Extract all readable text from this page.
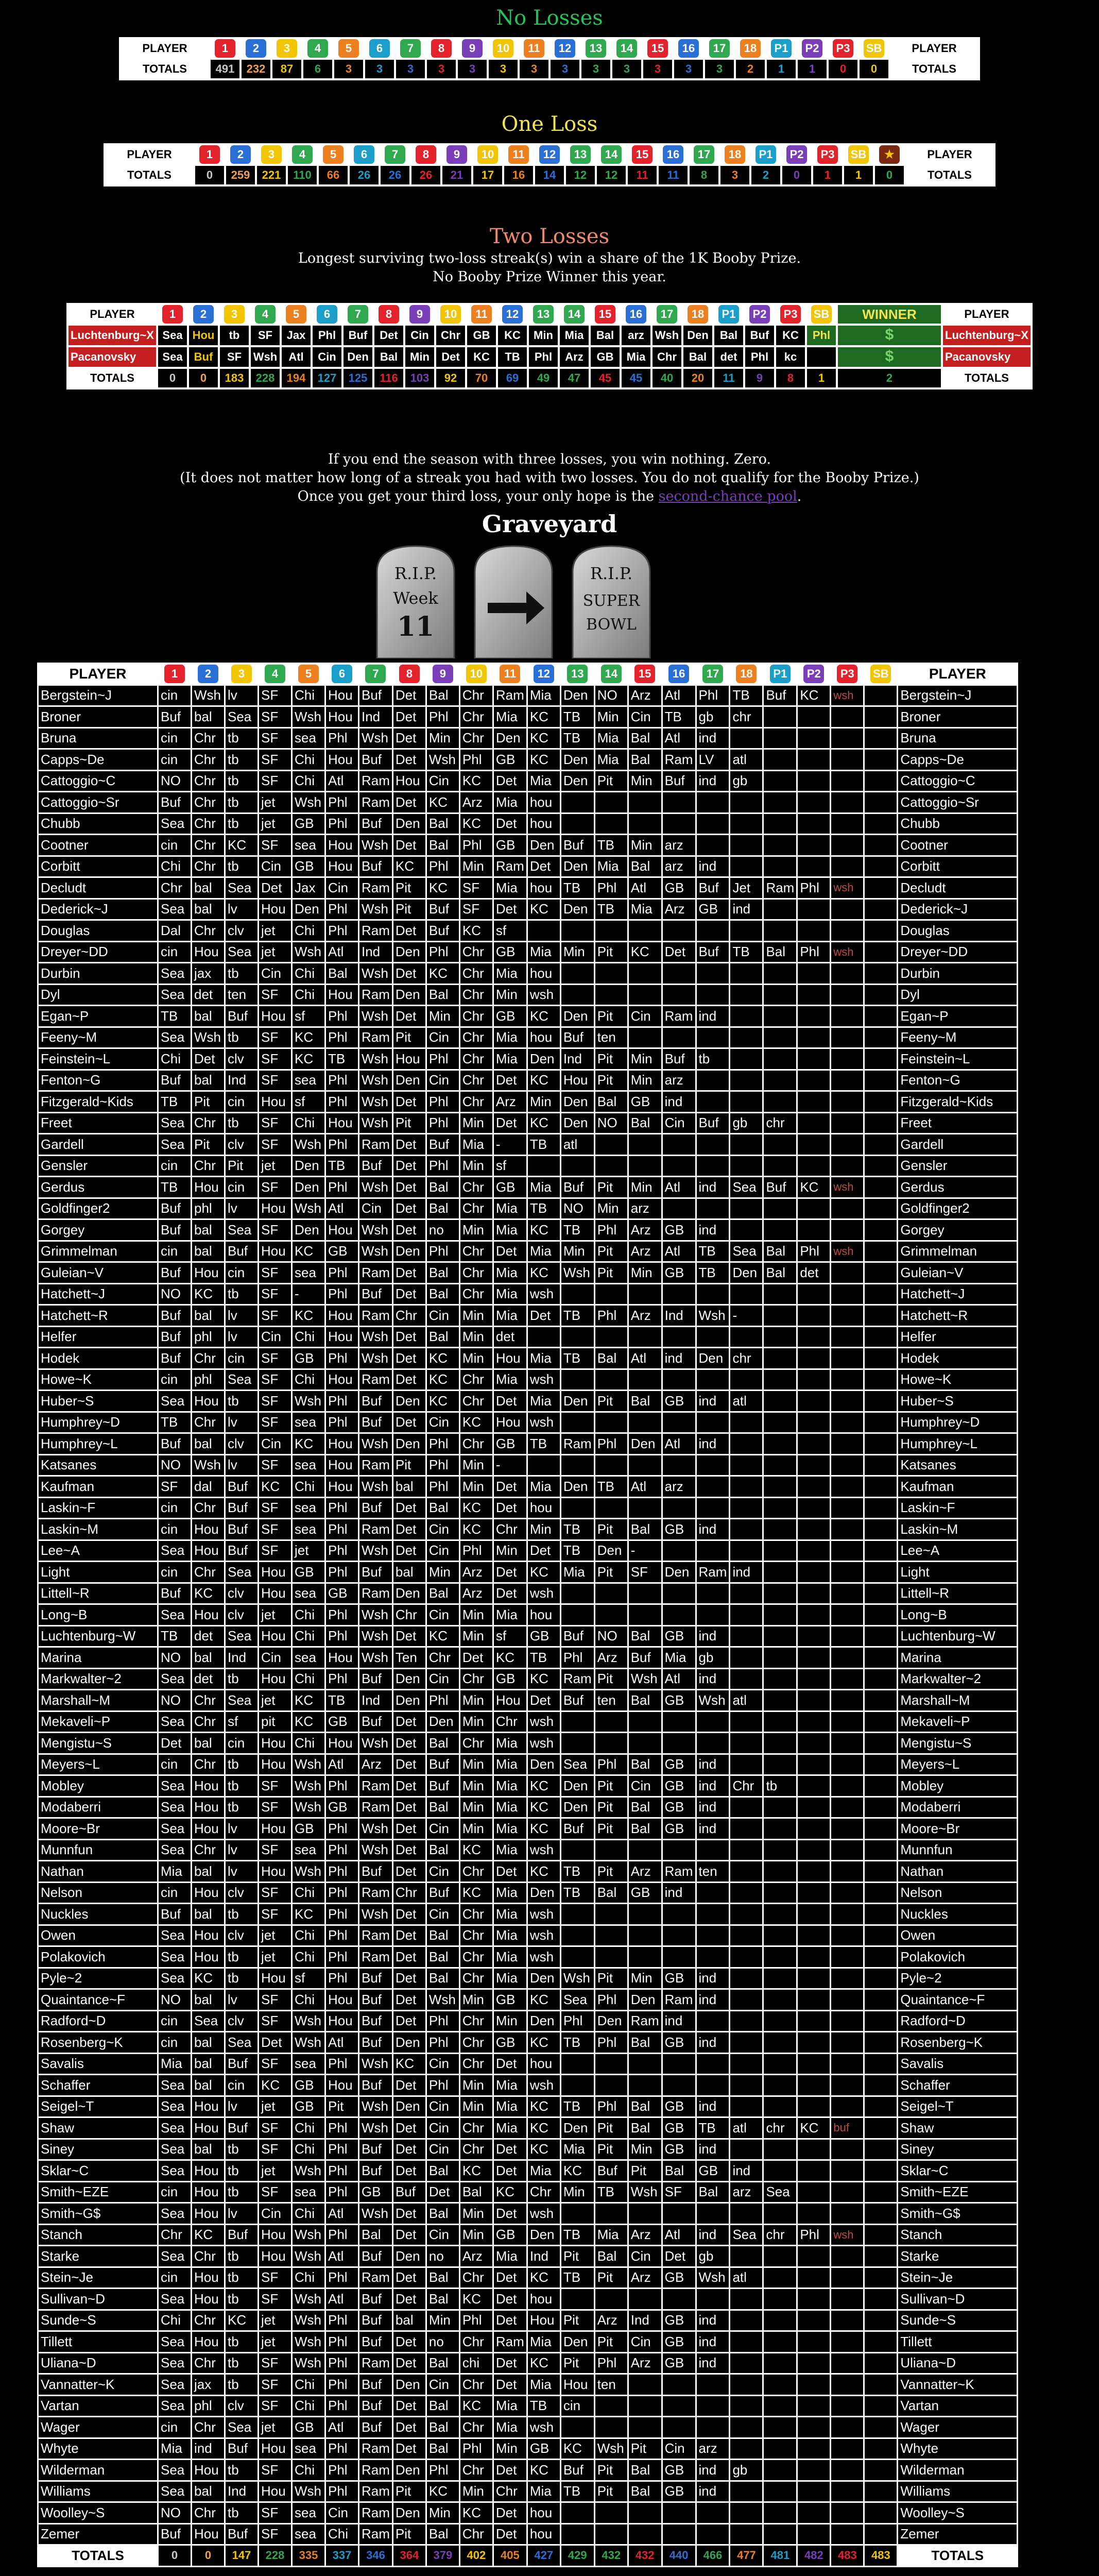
No Losses
PLAYER	1	2	3	4	5	6	7	8	9	10	11	12	13	14	15	16	17	18	P1	P2	P3	SB	PLAYER
TOTALS	491	232	87	6	3	3	3	3	3	3	3	3	3	3	3	3	3	2	1	1	0	0	TOTALS
One Loss
PLAYER	1	2	3	4	5	6	7	8	9	10	11	12	13	14	15	16	17	18	P1	P2	P3	SB	★	PLAYER
TOTALS	0	259	221	110	66	26	26	26	21	17	16	14	12	12	11	11	8	3	2	0	1	1	0	TOTALS
Two Losses
Longest surviving two-loss streak(s) win a share of the 1K Booby Prize.
No Booby Prize Winner this year.
PLAYER	1	2	3	4	5	6	7	8	9	10	11	12	13	14	15	16	17	18	P1	P2	P3	SB	WINNER	PLAYER
Luchtenburg~X	Sea	Hou	tb	SF	Jax	Phl	Buf	Det	Cin	Chr	GB	KC	Min	Mia	Bal	arz	Wsh	Den	Bal	Buf	KC	Phl	$	Luchtenburg~X
Pacanovsky	Sea	Buf	SF	Wsh	Atl	Cin	Den	Bal	Min	Det	KC	TB	Phl	Arz	GB	Mia	Chr	Bal	det	Phl	kc		$	Pacanovsky
TOTALS	0	0	183	228	194	127	125	116	103	92	70	69	49	47	45	45	40	20	11	9	8	1	2	TOTALS
If you end the season with three losses, you win nothing. Zero.
(It does not matter how long of a streak you had with two losses. You do not qualify for the Booby Prize.)
Once you get your third loss, your only hope is the second-chance pool.
Graveyard
R.I.P.
Week
11
R.I.P.
SUPER
BOWL
PLAYER	1	2	3	4	5	6	7	8	9	10	11	12	13	14	15	16	17	18	P1	P2	P3	SB	PLAYER
Bergstein~J	cin	Wsh	lv	SF	Chi	Hou	Buf	Det	Bal	Chr	Ram	Mia	Den	NO	Arz	Atl	Phl	TB	Buf	KC	wsh		Bergstein~J
Broner	Buf	bal	Sea	SF	Wsh	Hou	Ind	Det	Phl	Chr	Mia	KC	TB	Min	Cin	TB	gb	chr					Broner
Bruna	cin	Chr	tb	SF	sea	Phl	Wsh	Det	Min	Chr	Den	KC	TB	Mia	Bal	Atl	ind						Bruna
Capps~De	cin	Chr	tb	SF	Chi	Hou	Buf	Det	Wsh	Phl	GB	KC	Den	Mia	Bal	Ram	LV	atl					Capps~De
Cattoggio~C	NO	Chr	tb	SF	Chi	Atl	Ram	Hou	Cin	KC	Det	Mia	Den	Pit	Min	Buf	ind	gb					Cattoggio~C
Cattoggio~Sr	Buf	Chr	tb	jet	Wsh	Phl	Ram	Det	KC	Arz	Mia	hou											Cattoggio~Sr
Chubb	Sea	Chr	tb	jet	GB	Phl	Buf	Den	Bal	KC	Det	hou											Chubb
Cootner	cin	Chr	KC	SF	sea	Hou	Wsh	Det	Bal	Phl	GB	Den	Buf	TB	Min	arz							Cootner
Corbitt	Chi	Chr	tb	Cin	GB	Hou	Buf	KC	Phl	Min	Ram	Det	Den	Mia	Bal	arz	ind						Corbitt
Decludt	Chr	bal	Sea	Det	Jax	Cin	Ram	Pit	KC	SF	Mia	hou	TB	Phl	Atl	GB	Buf	Jet	Ram	Phl	wsh		Decludt
Dederick~J	Sea	bal	lv	Hou	Den	Phl	Wsh	Pit	Buf	SF	Det	KC	Den	TB	Mia	Arz	GB	ind					Dederick~J
Douglas	Dal	Chr	clv	jet	Chi	Phl	Ram	Det	Buf	KC	sf												Douglas
Dreyer~DD	cin	Hou	Sea	jet	Wsh	Atl	Ind	Den	Phl	Chr	GB	Mia	Min	Pit	KC	Det	Buf	TB	Bal	Phl	wsh		Dreyer~DD
Durbin	Sea	jax	tb	Cin	Chi	Bal	Wsh	Det	KC	Chr	Mia	hou											Durbin
Dyl	Sea	det	ten	SF	Chi	Hou	Ram	Den	Bal	Chr	Min	wsh											Dyl
Egan~P	TB	bal	Buf	Hou	sf	Phl	Wsh	Det	Min	Chr	GB	KC	Den	Pit	Cin	Ram	ind						Egan~P
Feeny~M	Sea	Wsh	tb	SF	KC	Phl	Ram	Pit	Cin	Chr	Mia	hou	Buf	ten									Feeny~M
Feinstein~L	Chi	Det	clv	SF	KC	TB	Wsh	Hou	Phl	Chr	Mia	Den	Ind	Pit	Min	Buf	tb						Feinstein~L
Fenton~G	Buf	bal	Ind	SF	sea	Phl	Wsh	Den	Cin	Chr	Det	KC	Hou	Pit	Min	arz							Fenton~G
Fitzgerald~Kids	TB	Pit	cin	Hou	sf	Phl	Wsh	Det	Phl	Chr	Arz	Min	Den	Bal	GB	ind							Fitzgerald~Kids
Freet	Sea	Chr	tb	SF	Chi	Hou	Wsh	Pit	Phl	Min	Det	KC	Den	NO	Bal	Cin	Buf	gb	chr				Freet
Gardell	Sea	Pit	clv	SF	Wsh	Phl	Ram	Det	Buf	Mia	-	TB	atl										Gardell
Gensler	cin	Chr	Pit	jet	Den	TB	Buf	Det	Phl	Min	sf												Gensler
Gerdus	TB	Hou	cin	SF	Den	Phl	Wsh	Det	Bal	Chr	GB	Mia	Buf	Pit	Min	Atl	ind	Sea	Buf	KC	wsh		Gerdus
Goldfinger2	Buf	phl	lv	Hou	Wsh	Atl	Cin	Det	Bal	Chr	Mia	TB	NO	Min	arz								Goldfinger2
Gorgey	Buf	bal	Sea	SF	Den	Hou	Wsh	Det	no	Min	Mia	KC	TB	Phl	Arz	GB	ind						Gorgey
Grimmelman	cin	bal	Buf	Hou	KC	GB	Wsh	Den	Phl	Chr	Det	Mia	Min	Pit	Arz	Atl	TB	Sea	Bal	Phl	wsh		Grimmelman
Guleian~V	Buf	Hou	cin	SF	sea	Phl	Ram	Det	Bal	Chr	Mia	KC	Wsh	Pit	Min	GB	TB	Den	Bal	det			Guleian~V
Hatchett~J	NO	KC	tb	SF	-	Phl	Buf	Det	Bal	Chr	Mia	wsh											Hatchett~J
Hatchett~R	Buf	bal	lv	SF	KC	Hou	Ram	Chr	Cin	Min	Mia	Det	TB	Phl	Arz	Ind	Wsh	-					Hatchett~R
Helfer	Buf	phl	lv	Cin	Chi	Hou	Wsh	Det	Bal	Min	det												Helfer
Hodek	Buf	Chr	cin	SF	GB	Phl	Wsh	Det	KC	Min	Hou	Mia	TB	Bal	Atl	ind	Den	chr					Hodek
Howe~K	cin	phl	Sea	SF	Chi	Hou	Ram	Det	KC	Chr	Mia	wsh											Howe~K
Huber~S	Sea	Hou	tb	SF	Wsh	Phl	Buf	Den	KC	Chr	Det	Mia	Den	Pit	Bal	GB	ind	atl					Huber~S
Humphrey~D	TB	Chr	lv	SF	sea	Phl	Buf	Det	Cin	KC	Hou	wsh											Humphrey~D
Humphrey~L	Buf	bal	clv	Cin	KC	Hou	Wsh	Den	Phl	Chr	GB	TB	Ram	Phl	Den	Atl	ind						Humphrey~L
Katsanes	NO	Wsh	lv	SF	sea	Hou	Ram	Pit	Phl	Min	-												Katsanes
Kaufman	SF	dal	Buf	KC	Chi	Hou	Wsh	bal	Phl	Min	Det	Mia	Den	TB	Atl	arz							Kaufman
Laskin~F	cin	Chr	Buf	SF	sea	Phl	Buf	Det	Bal	KC	Det	hou											Laskin~F
Laskin~M	cin	Hou	Buf	SF	sea	Phl	Ram	Det	Cin	KC	Chr	Min	TB	Pit	Bal	GB	ind						Laskin~M
Lee~A	Sea	Hou	Buf	SF	jet	Phl	Wsh	Det	Cin	Phl	Min	Det	TB	Den	-								Lee~A
Light	cin	Chr	Sea	Hou	GB	Phl	Buf	bal	Min	Arz	Det	KC	Mia	Pit	SF	Den	Ram	ind					Light
Littell~R	Buf	KC	clv	Hou	sea	GB	Ram	Den	Bal	Arz	Det	wsh											Littell~R
Long~B	Sea	Hou	clv	jet	Chi	Phl	Wsh	Chr	Cin	Min	Mia	hou											Long~B
Luchtenburg~W	TB	det	Sea	Hou	Chi	Phl	Wsh	Det	KC	Min	sf	GB	Buf	NO	Bal	GB	ind						Luchtenburg~W
Marina	NO	bal	Ind	Cin	sea	Hou	Wsh	Ten	Chr	Det	KC	TB	Phl	Arz	Buf	Mia	gb						Marina
Markwalter~2	Sea	det	tb	Hou	Chi	Phl	Buf	Den	Cin	Chr	GB	KC	Ram	Pit	Wsh	Atl	ind						Markwalter~2
Marshall~M	NO	Chr	Sea	jet	KC	TB	Ind	Den	Phl	Min	Hou	Det	Buf	ten	Bal	GB	Wsh	atl					Marshall~M
Mekaveli~P	Sea	Chr	sf	pit	KC	GB	Buf	Det	Den	Min	Chr	wsh											Mekaveli~P
Mengistu~S	Det	bal	cin	Hou	Chi	Hou	Wsh	Det	Bal	Chr	Mia	wsh											Mengistu~S
Meyers~L	cin	Chr	tb	Hou	Wsh	Atl	Arz	Det	Buf	Min	Mia	Den	Sea	Phl	Bal	GB	ind						Meyers~L
Mobley	Sea	Hou	tb	SF	Wsh	Phl	Ram	Det	Buf	Min	Mia	KC	Den	Pit	Cin	GB	ind	Chr	tb				Mobley
Modaberri	Sea	Hou	tb	SF	Wsh	GB	Ram	Det	Bal	Min	Mia	KC	Den	Pit	Bal	GB	ind						Modaberri
Moore~Br	Sea	Hou	lv	Hou	GB	Phl	Wsh	Det	Cin	Min	Mia	KC	Buf	Pit	Bal	GB	ind						Moore~Br
Munnfun	Sea	Chr	lv	SF	sea	Phl	Wsh	Det	Bal	KC	Mia	wsh											Munnfun
Nathan	Mia	bal	lv	Hou	Wsh	Phl	Buf	Det	Cin	Chr	Det	KC	TB	Pit	Arz	Ram	ten						Nathan
Nelson	cin	Hou	clv	SF	Chi	Phl	Ram	Chr	Buf	KC	Mia	Den	TB	Bal	GB	ind							Nelson
Nuckles	Buf	bal	tb	SF	KC	Phl	Wsh	Det	Cin	Chr	Mia	wsh											Nuckles
Owen	Sea	Hou	clv	jet	Chi	Phl	Ram	Det	Bal	Chr	Mia	wsh											Owen
Polakovich	Sea	Hou	tb	jet	Chi	Phl	Ram	Det	Bal	Chr	Mia	wsh											Polakovich
Pyle~2	Sea	KC	tb	Hou	sf	Phl	Buf	Det	Bal	Chr	Mia	Den	Wsh	Pit	Min	GB	ind						Pyle~2
Quaintance~F	NO	bal	lv	SF	Chi	Hou	Buf	Det	Wsh	Min	GB	KC	Sea	Phl	Den	Ram	ind						Quaintance~F
Radford~D	cin	Sea	clv	SF	Wsh	Hou	Buf	Det	Phl	Chr	Min	Den	Phl	Den	Ram	ind							Radford~D
Rosenberg~K	cin	bal	Sea	Det	Wsh	Atl	Buf	Den	Phl	Chr	GB	KC	TB	Phl	Bal	GB	ind						Rosenberg~K
Savalis	Mia	bal	Buf	SF	sea	Phl	Wsh	KC	Cin	Chr	Det	hou											Savalis
Schaffer	Sea	bal	cin	KC	GB	Hou	Buf	Det	Phl	Min	Mia	wsh											Schaffer
Seigel~T	Sea	Hou	lv	jet	GB	Pit	Wsh	Den	Cin	Min	Mia	KC	TB	Phl	Bal	GB	ind						Seigel~T
Shaw	Sea	Hou	Buf	SF	Chi	Phl	Wsh	Det	Cin	Chr	Mia	KC	Den	Pit	Bal	GB	TB	atl	chr	KC	buf		Shaw
Siney	Sea	bal	tb	SF	Chi	Phl	Buf	Det	Cin	Chr	Det	KC	Mia	Pit	Min	GB	ind						Siney
Sklar~C	Sea	Hou	tb	jet	Wsh	Phl	Buf	Det	Bal	KC	Det	Mia	KC	Buf	Pit	Bal	GB	ind					Sklar~C
Smith~EZE	cin	Hou	tb	SF	sea	Phl	GB	Buf	Det	Bal	KC	Chr	Min	TB	Wsh	SF	Bal	arz	Sea				Smith~EZE
Smith~G$	Sea	Hou	lv	Cin	Chi	Atl	Wsh	Det	Bal	Min	Det	wsh											Smith~G$
Stanch	Chr	KC	Buf	Hou	Wsh	Phl	Bal	Det	Cin	Min	GB	Den	TB	Mia	Arz	Atl	ind	Sea	chr	Phl	wsh		Stanch
Starke	Sea	Chr	tb	Hou	Wsh	Atl	Buf	Den	no	Arz	Mia	Ind	Pit	Bal	Cin	Det	gb						Starke
Stein~Je	cin	Hou	tb	SF	Chi	Phl	Ram	Det	Bal	Chr	Det	KC	TB	Pit	Arz	GB	Wsh	atl					Stein~Je
Sullivan~D	Sea	Hou	tb	SF	Wsh	Atl	Buf	Det	Bal	KC	Det	hou											Sullivan~D
Sunde~S	Chi	Chr	KC	jet	Wsh	Phl	Buf	bal	Min	Phl	Det	Hou	Pit	Arz	Ind	GB	ind						Sunde~S
Tillett	Sea	Hou	tb	jet	Wsh	Phl	Buf	Det	no	Chr	Ram	Mia	Den	Pit	Cin	GB	ind						Tillett
Uliana~D	Sea	Chr	tb	SF	Wsh	Phl	Ram	Det	Bal	chi	Det	KC	Pit	Phl	Arz	GB	ind						Uliana~D
Vannatter~K	Sea	jax	tb	SF	Chi	Phl	Buf	Den	Cin	Chr	Det	Mia	Hou	ten									Vannatter~K
Vartan	Sea	phl	clv	SF	Chi	Phl	Buf	Det	Bal	KC	Mia	TB	cin										Vartan
Wager	cin	Chr	Sea	jet	GB	Atl	Buf	Det	Bal	Chr	Mia	wsh											Wager
Whyte	Mia	ind	Buf	Hou	sea	Phl	Ram	Det	Bal	Phl	Min	GB	KC	Wsh	Pit	Cin	arz						Whyte
Wilderman	Sea	Hou	tb	SF	Chi	Phl	Ram	Den	Phl	Chr	Det	KC	Buf	Pit	Bal	GB	ind	gb					Wilderman
Williams	Sea	bal	Ind	Hou	Wsh	Phl	Ram	Pit	KC	Min	Chr	Mia	TB	Pit	Bal	GB	ind						Williams
Woolley~S	NO	Chr	tb	SF	sea	Cin	Ram	Den	Min	KC	Det	hou											Woolley~S
Zemer	Buf	Hou	Buf	SF	sea	Chi	Ram	Pit	Bal	Chr	Det	hou											Zemer
TOTALS	0	0	147	228	335	337	346	364	379	402	405	427	429	432	432	440	466	477	481	482	483	483	TOTALS
